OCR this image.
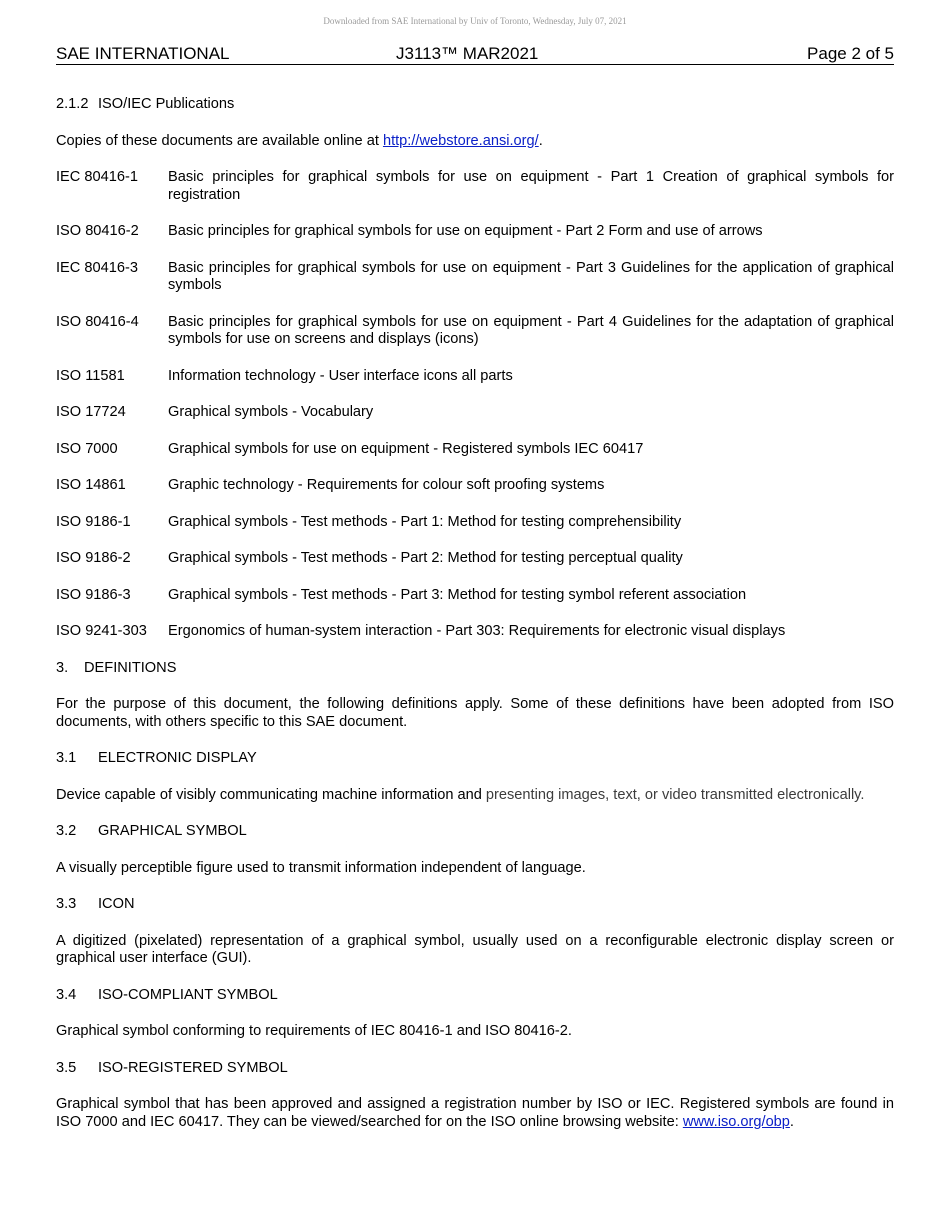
Downloaded from SAE International by Univ of Toronto, Wednesday, July 07, 2021
SAE INTERNATIONAL	J3113™ MAR2021	Page 2 of 5
2.1.2 ISO/IEC Publications
Copies of these documents are available online at http://webstore.ansi.org/.
IEC 80416-1	Basic principles for graphical symbols for use on equipment - Part 1 Creation of graphical symbols for registration
ISO 80416-2	Basic principles for graphical symbols for use on equipment - Part 2 Form and use of arrows
IEC 80416-3	Basic principles for graphical symbols for use on equipment - Part 3 Guidelines for the application of graphical symbols
ISO 80416-4	Basic principles for graphical symbols for use on equipment - Part 4 Guidelines for the adaptation of graphical symbols for use on screens and displays (icons)
ISO 11581	Information technology - User interface icons all parts
ISO 17724	Graphical symbols - Vocabulary
ISO 7000	Graphical symbols for use on equipment - Registered symbols IEC 60417
ISO 14861	Graphic technology - Requirements for colour soft proofing systems
ISO 9186-1	Graphical symbols - Test methods - Part 1: Method for testing comprehensibility
ISO 9186-2	Graphical symbols - Test methods - Part 2: Method for testing perceptual quality
ISO 9186-3	Graphical symbols - Test methods - Part 3: Method for testing symbol referent association
ISO 9241-303	Ergonomics of human-system interaction - Part 303: Requirements for electronic visual displays
3. DEFINITIONS
For the purpose of this document, the following definitions apply. Some of these definitions have been adopted from ISO documents, with others specific to this SAE document.
3.1 ELECTRONIC DISPLAY
Device capable of visibly communicating machine information and presenting images, text, or video transmitted electronically.
3.2 GRAPHICAL SYMBOL
A visually perceptible figure used to transmit information independent of language.
3.3 ICON
A digitized (pixelated) representation of a graphical symbol, usually used on a reconfigurable electronic display screen or graphical user interface (GUI).
3.4 ISO-COMPLIANT SYMBOL
Graphical symbol conforming to requirements of IEC 80416-1 and ISO 80416-2.
3.5 ISO-REGISTERED SYMBOL
Graphical symbol that has been approved and assigned a registration number by ISO or IEC. Registered symbols are found in ISO 7000 and IEC 60417. They can be viewed/searched for on the ISO online browsing website: www.iso.org/obp.
